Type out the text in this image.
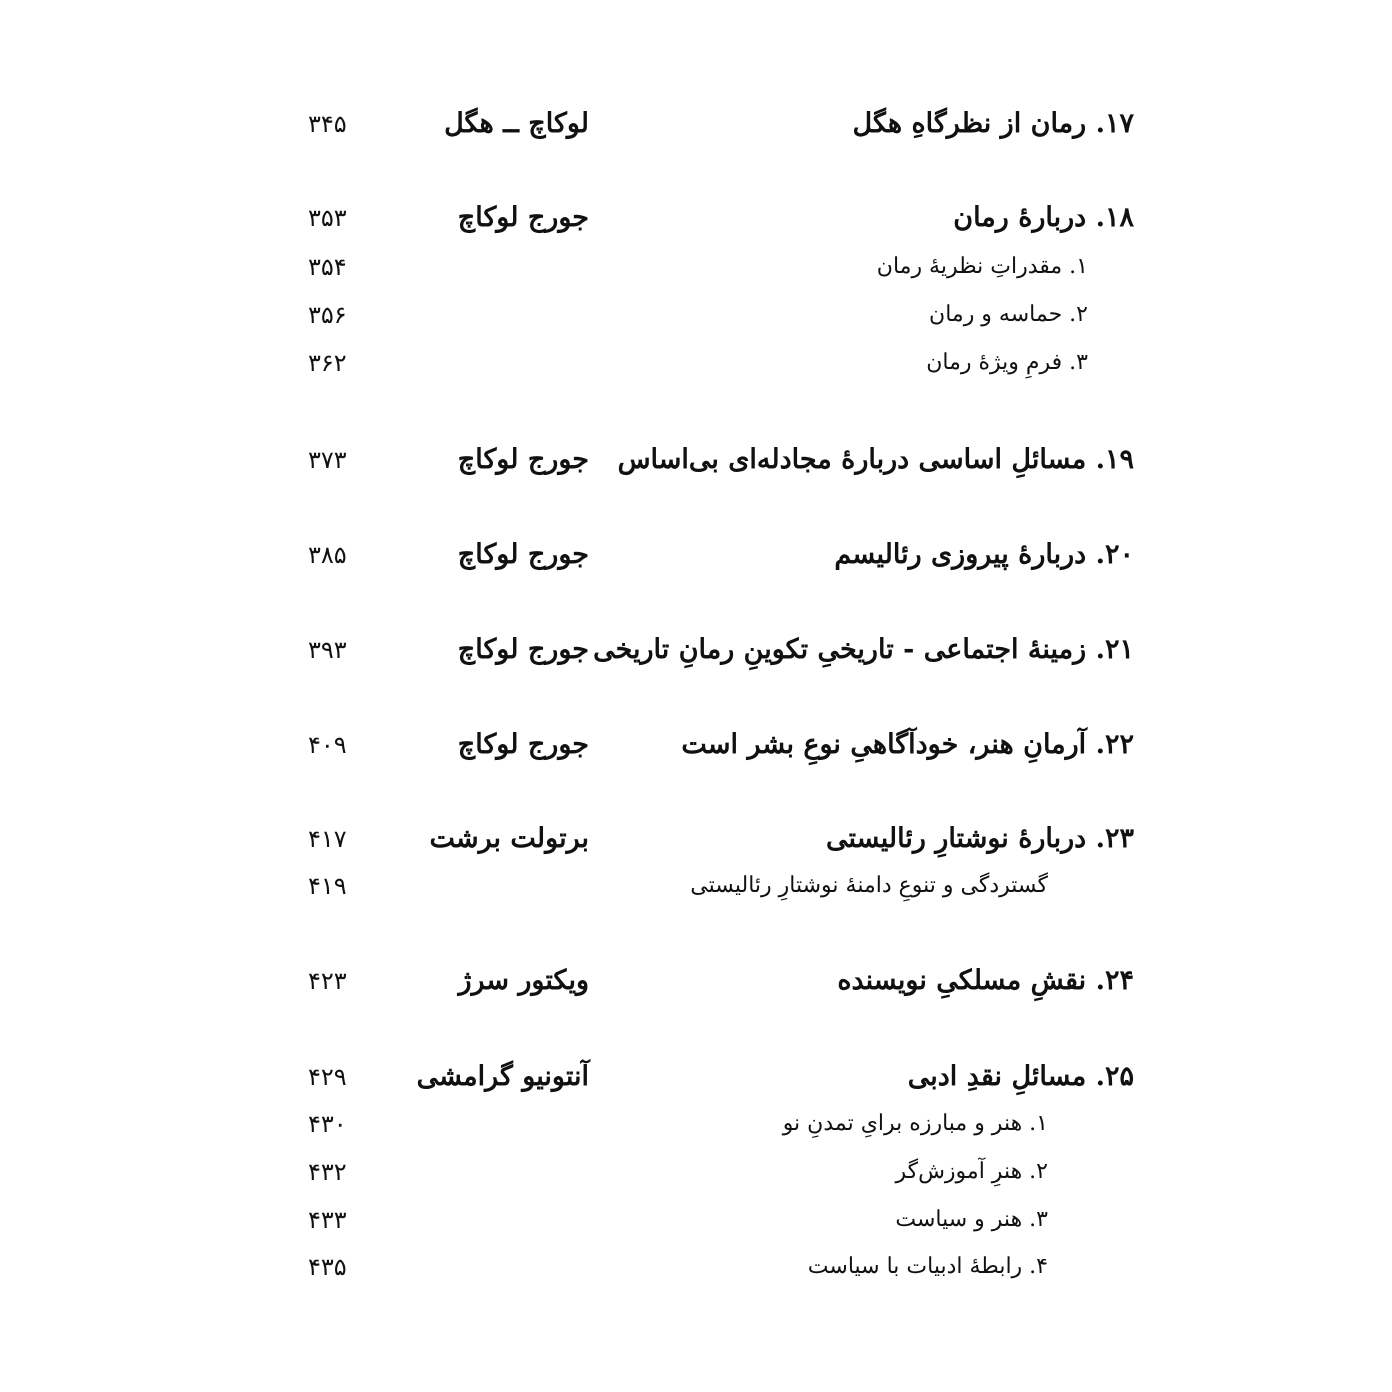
۱۷. رمان از نظرگاهِ هگل
لوکاچ ــ هگل
۳۴۵
۱۸. دربارهٔ رمان
جورج لوکاچ
۳۵۳
۱. مقدراتِ نظریهٔ رمان
۳۵۴
۲. حماسه و رمان
۳۵۶
۳. فرمِ ویژهٔ رمان
۳۶۲
۱۹. مسائلِ اساسی دربارهٔ مجادله‌ای بی‌اساس
جورج لوکاچ
۳۷۳
۲۰. دربارهٔ پیروزی رئالیسم
جورج لوکاچ
۳۸۵
۲۱. زمینهٔ اجتماعی - تاریخیِ تکوینِ رمانِ تاریخی
جورج لوکاچ
۳۹۳
۲۲. آرمانِ هنر، خودآگاهیِ نوعِ بشر است
جورج لوکاچ
۴۰۹
۲۳. دربارهٔ نوشتارِ رئالیستی
برتولت برشت
۴۱۷
گستردگی و تنوعِ دامنهٔ نوشتارِ رئالیستی
۴۱۹
۲۴. نقشِ مسلکیِ نویسنده
ویکتور سرژ
۴۲۳
۲۵. مسائلِ نقدِ ادبی
آنتونیو گرامشی
۴۲۹
۱. هنر و مبارزه برایِ تمدنِ نو
۴۳۰
۲. هنرِ آموزش‌گر
۴۳۲
۳. هنر و سیاست
۴۳۳
۴. رابطهٔ ادبیات با سیاست
۴۳۵
